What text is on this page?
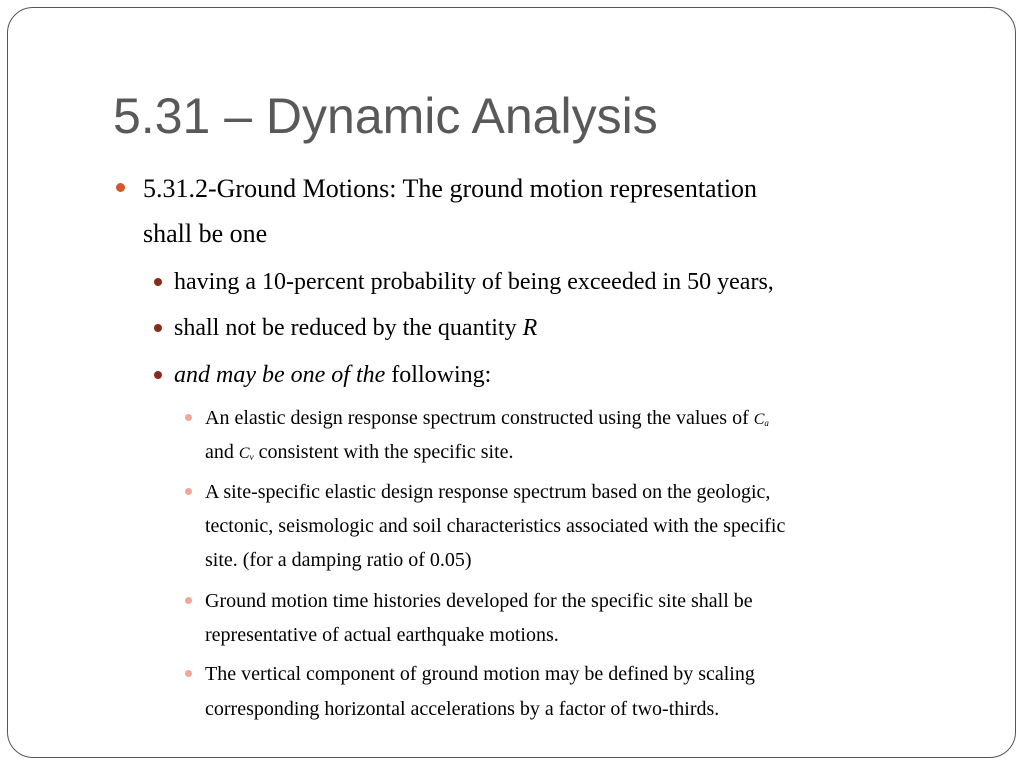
5.31 – Dynamic Analysis
5.31.2-Ground Motions: The ground motion representation
shall be one
having a 10-percent probability of being exceeded in 50 years,
shall not be reduced by the quantity R
and may be one of the following:
An elastic design response spectrum constructed using the values of $C_a$
and $C_v$ consistent with the specific site.
A site-specific elastic design response spectrum based on the geologic,
tectonic, seismologic and soil characteristics associated with the specific
site. (for a damping ratio of 0.05)
Ground motion time histories developed for the specific site shall be
representative of actual earthquake motions.
The vertical component of ground motion may be defined by scaling
corresponding horizontal accelerations by a factor of two-thirds.
